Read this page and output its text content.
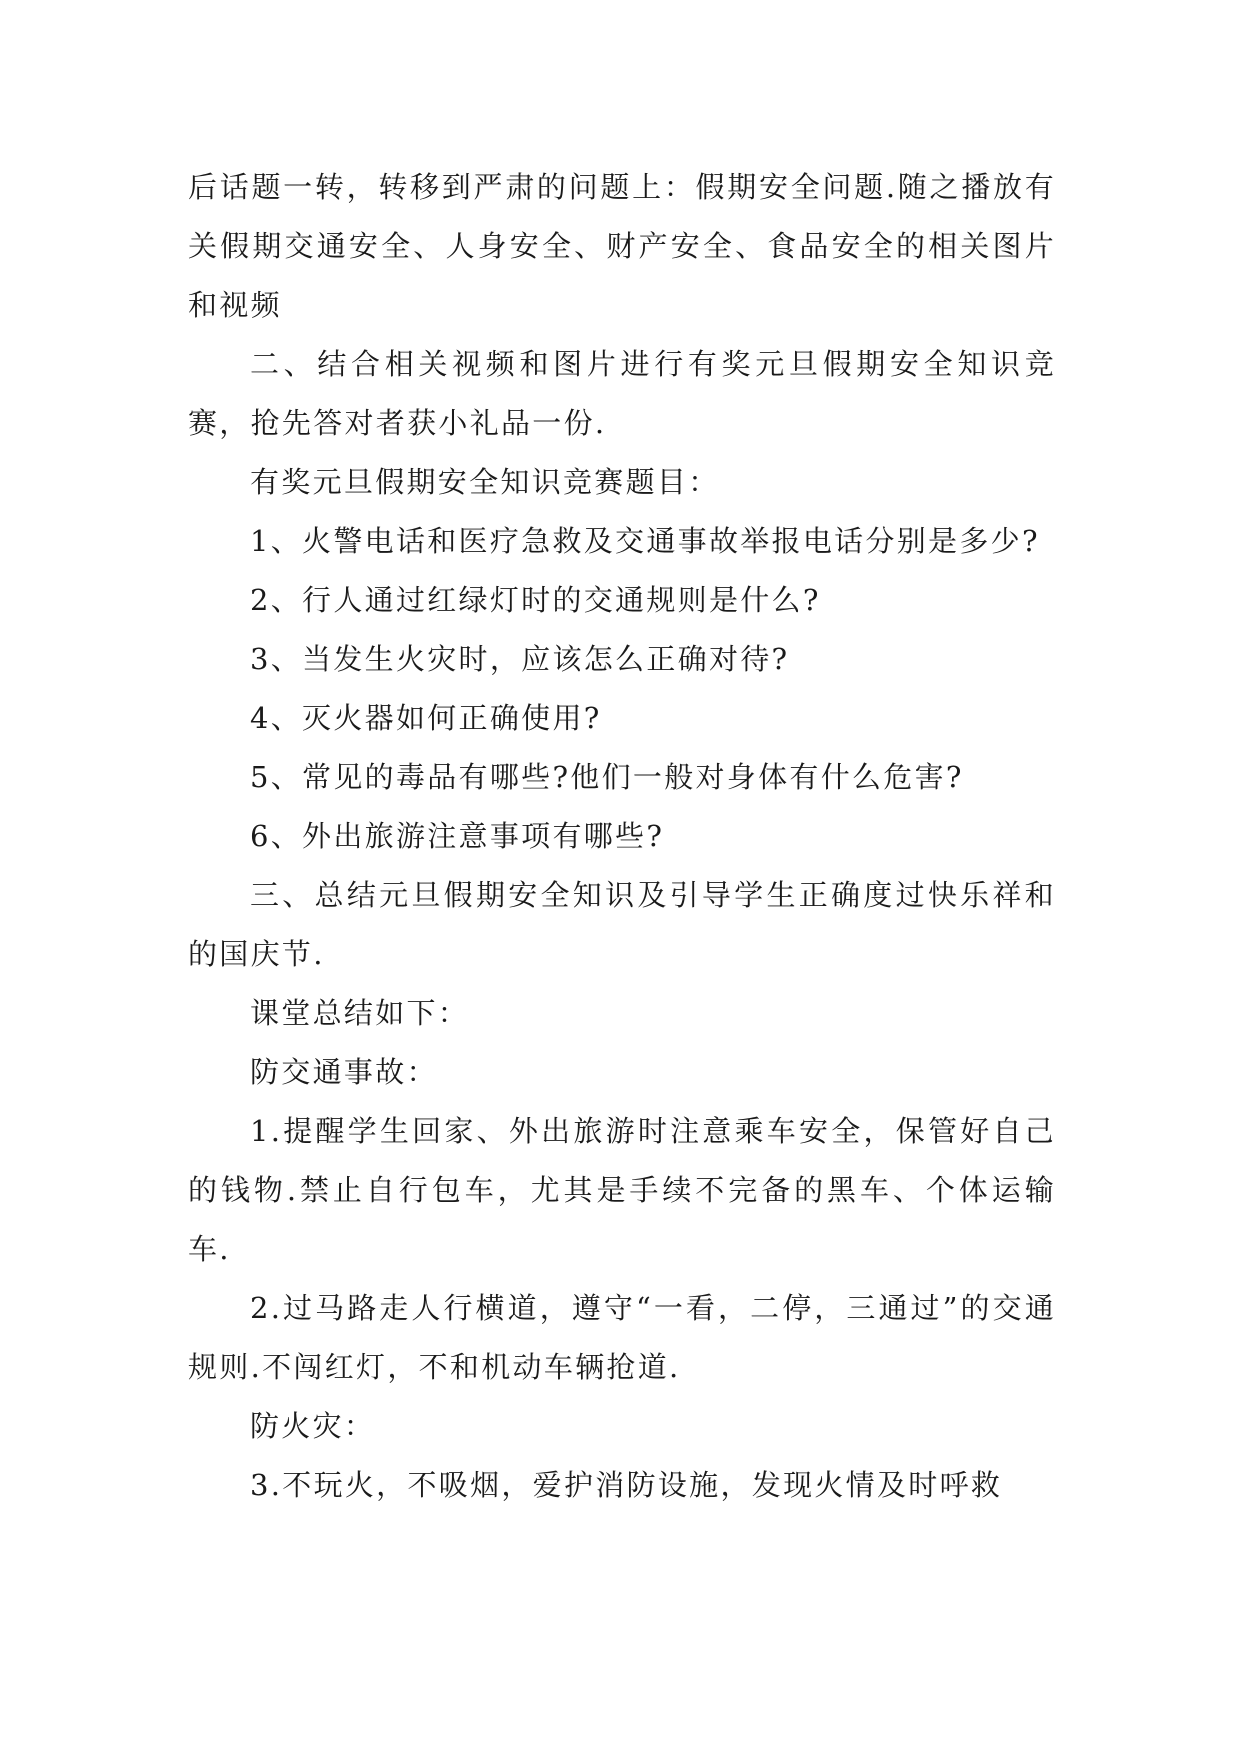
后话题一转，转移到严肃的问题上：假期安全问题.随之播放有关假期交通安全、人身安全、财产安全、食品安全的相关图片和视频

二、结合相关视频和图片进行有奖元旦假期安全知识竞赛，抢先答对者获小礼品一份.

有奖元旦假期安全知识竞赛题目：

1、火警电话和医疗急救及交通事故举报电话分别是多少?

2、行人通过红绿灯时的交通规则是什么?

3、当发生火灾时，应该怎么正确对待?

4、灭火器如何正确使用?

5、常见的毒品有哪些?他们一般对身体有什么危害?

6、外出旅游注意事项有哪些?

三、总结元旦假期安全知识及引导学生正确度过快乐祥和的国庆节.

课堂总结如下：

防交通事故：

1.提醒学生回家、外出旅游时注意乘车安全，保管好自己的钱物.禁止自行包车，尤其是手续不完备的黑车、个体运输车.

2.过马路走人行横道，遵守“一看，二停，三通过”的交通规则.不闯红灯，不和机动车辆抢道.

防火灾：

3.不玩火，不吸烟，爱护消防设施，发现火情及时呼救
